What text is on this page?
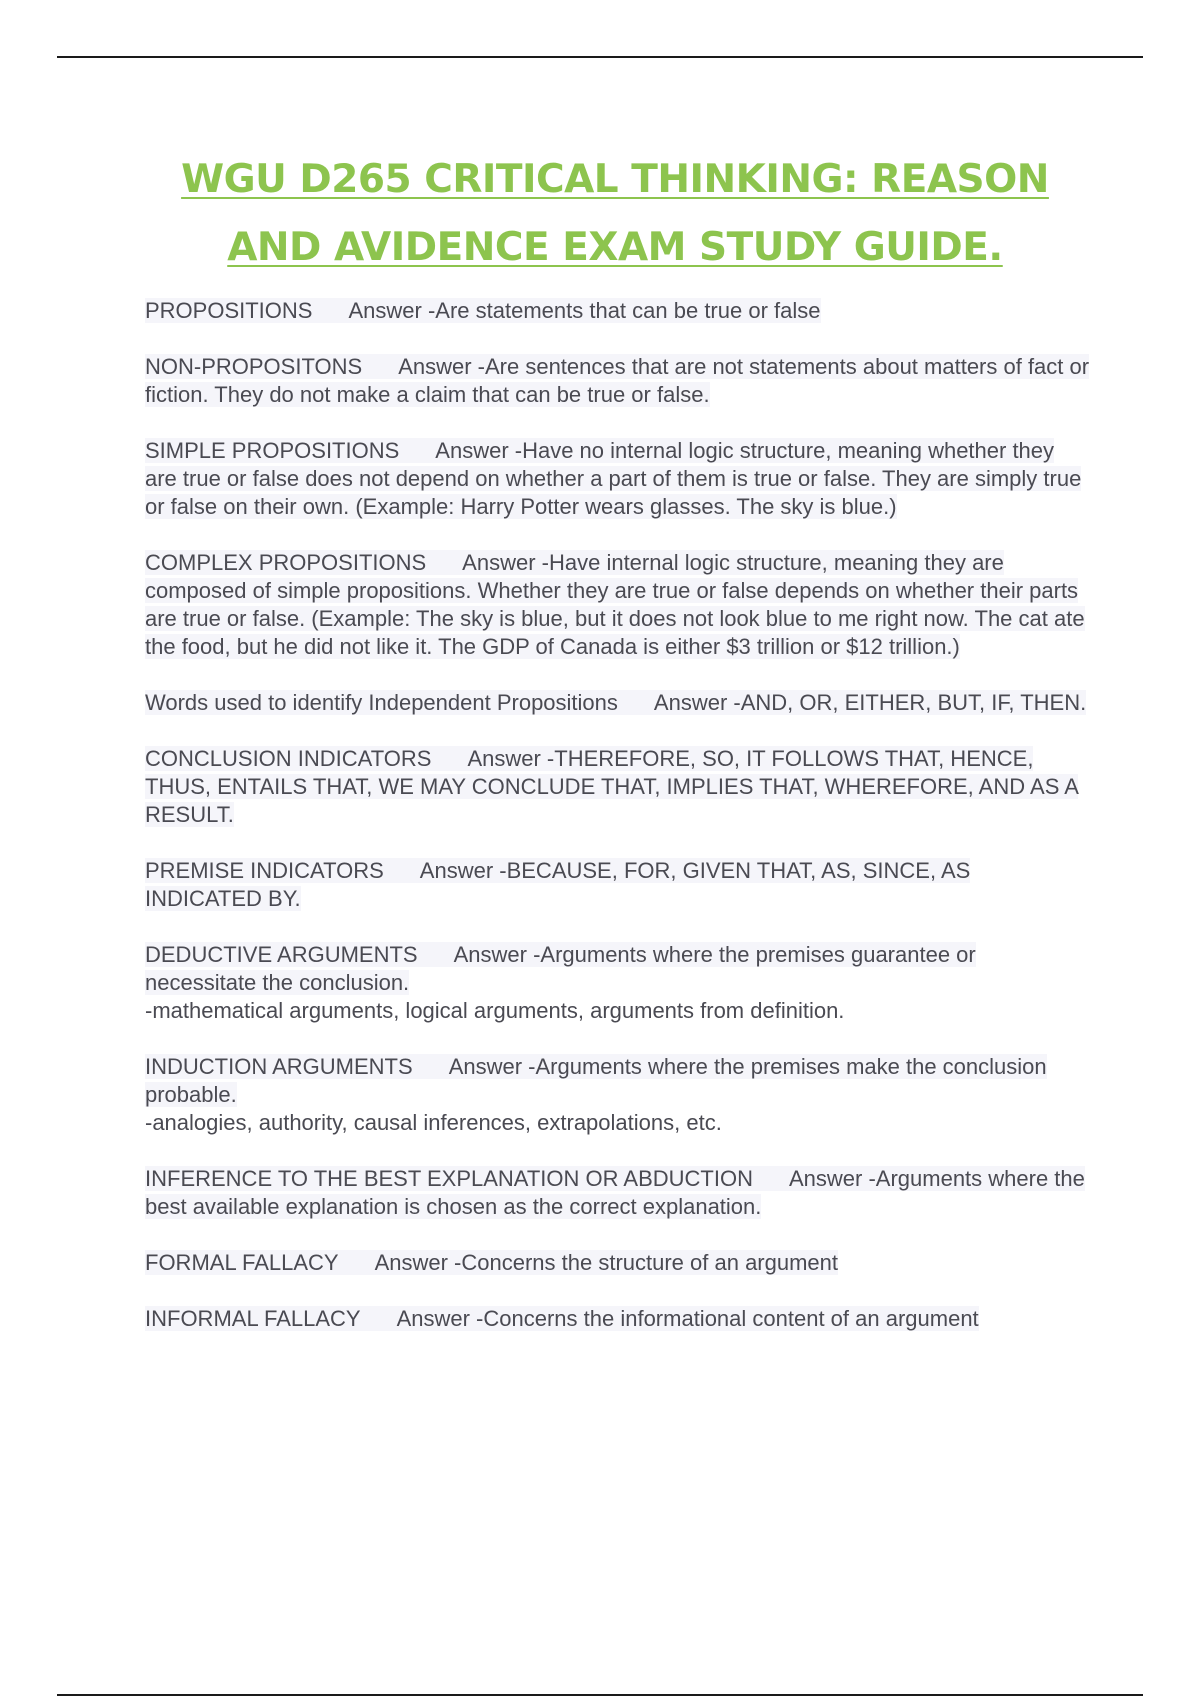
WGU D265 CRITICAL THINKING: REASON
AND AVIDENCE EXAM STUDY GUIDE.
PROPOSITIONS Answer -Are statements that can be true or false
NON-PROPOSITONS Answer -Are sentences that are not statements about matters of fact or fiction. They do not make a claim that can be true or false.
SIMPLE PROPOSITIONS Answer -Have no internal logic structure, meaning whether they are true or false does not depend on whether a part of them is true or false. They are simply true or false on their own. (Example: Harry Potter wears glasses. The sky is blue.)
COMPLEX PROPOSITIONS Answer -Have internal logic structure, meaning they are composed of simple propositions. Whether they are true or false depends on whether their parts are true or false. (Example: The sky is blue, but it does not look blue to me right now. The cat ate the food, but he did not like it. The GDP of Canada is either $3 trillion or $12 trillion.)
Words used to identify Independent Propositions Answer -AND, OR, EITHER, BUT, IF, THEN.
CONCLUSION INDICATORS Answer -THEREFORE, SO, IT FOLLOWS THAT, HENCE, THUS, ENTAILS THAT, WE MAY CONCLUDE THAT, IMPLIES THAT, WHEREFORE, AND AS A RESULT.
PREMISE INDICATORS Answer -BECAUSE, FOR, GIVEN THAT, AS, SINCE, AS INDICATED BY.
DEDUCTIVE ARGUMENTS Answer -Arguments where the premises guarantee or necessitate the conclusion.
-mathematical arguments, logical arguments, arguments from definition.
INDUCTION ARGUMENTS Answer -Arguments where the premises make the conclusion probable.
-analogies, authority, causal inferences, extrapolations, etc.
INFERENCE TO THE BEST EXPLANATION OR ABDUCTION Answer -Arguments where the best available explanation is chosen as the correct explanation.
FORMAL FALLACY Answer -Concerns the structure of an argument
INFORMAL FALLACY Answer -Concerns the informational content of an argument
